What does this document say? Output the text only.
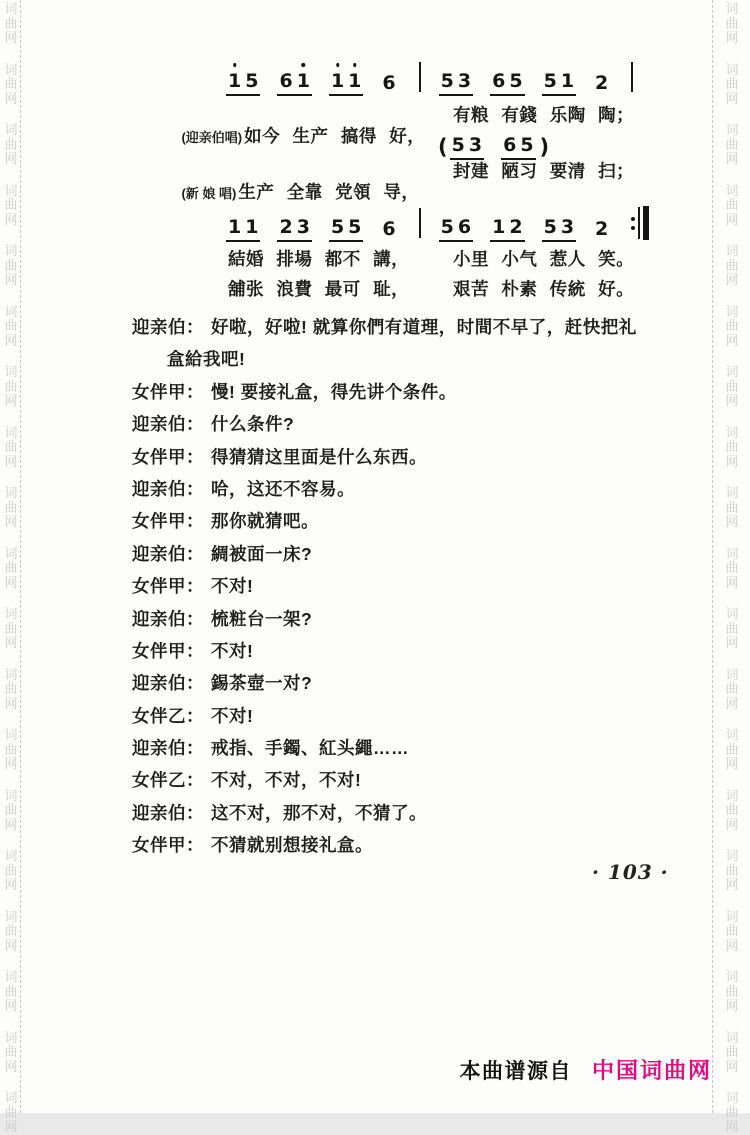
词
曲
网
词
曲
网
词
曲
网
词
曲
网
词
曲
网
词
曲
网
词
曲
网
词
曲
网
词
曲
网
词
曲
网
词
曲
网
词
曲
网
词
曲
网
词
曲
网
词
曲
网
词
曲
网
词
曲
网
词
曲
网
词
曲
网
词
曲
网
词
曲
网
词
曲
网
词
曲
网
词
曲
网
词
曲
网
词
曲
网
词
曲
网
词
曲
网
词
曲
网
词
曲
网
词
曲
网
词
曲
网
词
曲
网
词
曲
网
词
曲
网
词
曲
网
词
曲
网
词
曲
网
1 5 6 1 1 1 6 5 3 6 5 5 1 2

(迎亲伯唱) 如今 生产 搞得 好，

有粮 有錢 乐陶 陶；
( 5 3 6 5 )

(新 娘 唱) 生产 全靠 党領 导，

封建 陋习 要清 扫；
1 1 2 3 5 5 6 5 6 1 2 5 3 2
結婚 排場 都不 講，	小里 小气 惹人 笑。
舖张 浪費 最可 耻，	艰苦 朴素 传統 好。
迎亲伯： 好啦，好啦! 就算你們有道理，时間不早了，赶快把礼
盒給我吧!
女伴甲： 慢! 要接礼盒，得先讲个条件。
迎亲伯： 什么条件?
女伴甲： 得猜猜这里面是什么东西。
迎亲伯： 哈，这还不容易。
女伴甲： 那你就猜吧。
迎亲伯： 綢被面一床?
女伴甲： 不对!
迎亲伯： 梳粧台一架?
女伴甲： 不对!
迎亲伯： 錫茶壺一对?
女伴乙： 不对!
迎亲伯： 戒指、手鐲、紅头繩……
女伴乙： 不对，不对，不对!
迎亲伯： 这不对，那不对，不猜了。
女伴甲： 不猜就别想接礼盒。
· 103 ·
本曲谱源自 中国词曲网
